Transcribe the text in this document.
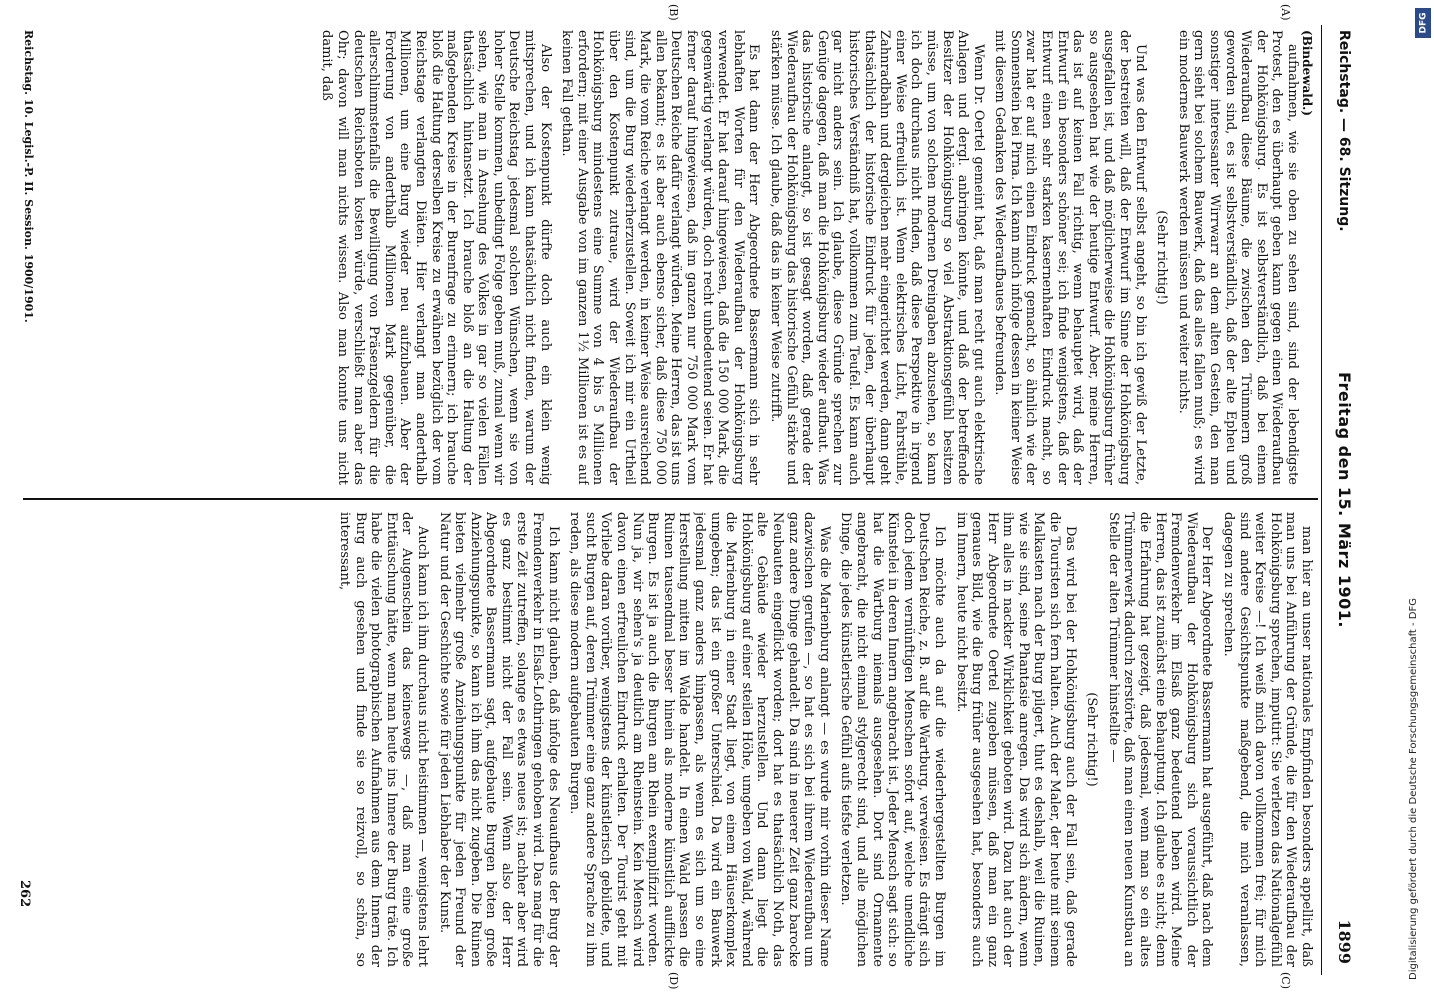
Reichstag. — 68. Sitzung.
Freitag den 15. März 1901.
1899
(Bindewald.)
(A)
(B)
(C)
(D)

aufnahmen, wie sie oben zu sehen sind, sind der lebendigste Protest, den es überhaupt geben kann gegen einen Wiederaufbau der Hohkönigsburg. Es ist selbstverständlich, daß bei einem Wiederaufbau diese Bäume, die zwischen den Trümmern groß geworden sind, es ist selbstverständlich, daß der alte Epheu und sonstiger interessanter Wirrwarr an dem alten Gestein, den man gern sieht bei solchem Bauwerk, daß das alles fallen muß; es wird ein modernes Bauwerk werden müssen und weiter nichts.

(Sehr richtig!)

Und was den Entwurf selbst angeht, so bin ich gewiß der Letzte, der bestreiten will, daß der Entwurf im Sinne der Hohkönigsburg ausgefallen ist, und daß möglicherweise die Hohkönigsburg früher so ausgesehen hat wie der heutige Entwurf. Aber, meine Herren, das ist auf keinen Fall richtig, wenn behauptet wird, daß der Entwurf ein besonders schöner sei; ich finde wenigstens, daß der Entwurf einen sehr starken kasernenhaften Eindruck macht, so zwar hat er auf mich einen Eindruck gemacht, so ähnlich wie der Sonnenstein bei Pirna. Ich kann mich infolge dessen in keiner Weise mit diesem Gedanken des Wiederaufbaues befreunden.

Wenn Dr. Oertel gemeint hat, daß man recht gut auch elektrische Anlagen und dergl. anbringen könnte, und daß der betreffende Besitzer der Hohkönigsburg so viel Abstraktionsgefühl besitzen müsse, um von solchen modernen Dreingaben abzusehen, so kann ich doch durchaus nicht finden, daß diese Perspektive in irgend einer Weise erfreulich ist. Wenn elektrisches Licht, Fahrstühle, Zahnradbahn und dergleichen mehr eingerichtet werden, dann geht thatsächlich der historische Eindruck für jeden, der überhaupt historisches Verständniß hat, vollkommen zum Teufel. Es kann auch gar nicht anders sein. Ich glaube, diese Gründe sprechen zur Genüge dagegen, daß man die Hohkönigsburg wieder aufbaut. Was das historische anlangt, so ist gesagt worden, daß gerade der Wiederaufbau der Hohkönigsburg das historische Gefühl stärke und stärken müsse. Ich glaube, daß das in keiner Weise zutrifft.

Es hat dann der Herr Abgeordnete Bassermann sich in sehr lebhaften Worten für den Wiederaufbau der Hohkönigsburg verwendet. Er hat darauf hingewiesen, daß die 150 000 Mark, die gegenwärtig verlangt würden, doch recht unbedeutend seien. Er hat ferner darauf hingewiesen, daß im ganzen nur 750 000 Mark vom Deutschen Reiche dafür verlangt würden. Meine Herren, das ist uns allen bekannt; es ist aber auch ebenso sicher, daß diese 750 000 Mark, die vom Reiche verlangt werden, in keiner Weise ausreichend sind, um die Burg wiederherzustellen. Soweit ich mir ein Urtheil über den Kostenpunkt zutraue, wird der Wiederaufbau der Hohkönigsburg mindestens eine Summe von 4 bis 5 Millionen erfordern; mit einer Ausgabe von im ganzen 1½ Millionen ist es auf keinen Fall gethan.

Also der Kostenpunkt dürfte doch auch ein klein wenig mitsprechen, und ich kann thatsächlich nicht finden, warum der Deutsche Reichstag jedesmal solchen Wünschen, wenn sie von hoher Stelle kommen, unbedingt Folge geben muß, zumal wenn wir sehen, wie man in Ansehung des Volkes in gar so vielen Fällen thatsächlich hintansetzt. Ich brauche bloß an die Haltung der maßgebenden Kreise in der Burenfrage zu erinnern; ich brauche bloß die Haltung derselben Kreise zu erwähnen bezüglich der vom Reichstage verlangten Diäten. Hier verlangt man anderthalb Millionen, um eine Burg wieder neu aufzubauen. Aber der Forderung von anderthalb Millionen Mark gegenüber, die allerschlimmstenfalls die Bewilligung von Präsenzgeldern für die deutschen Reichsboten kosten würde, verschließt man aber das Ohr; davon will man nichts wissen. Also man konnte uns nicht damit, daß

man hier an unser nationales Empfinden besonders appellirt, daß man uns bei Anführung der Gründe, die für den Wiederaufbau der Hohkönigsburg sprechen, imputirt: Sie verletzen das Nationalgefühl weiter Kreise —! Ich weiß mich davon vollkommen frei; für mich sind andere Gesichtspunkte maßgebend, die mich veranlassen, dagegen zu sprechen.

Der Herr Abgeordnete Bassermann hat ausgeführt, daß nach dem Wiederaufbau der Hohkönigsburg sich voraussichtlich der Fremdenverkehr im Elsaß ganz bedeutend heben wird. Meine Herren, das ist zunächst eine Behauptung. Ich glaube es nicht; denn die Erfahrung hat gezeigt, daß jedesmal, wenn man so ein altes Trümmerwerk dadurch zerstörte, daß man einen neuen Kunstbau an Stelle der alten Trümmer hinstellte —

(Sehr richtig!)

Das wird bei der Hohkönigsburg auch der Fall sein, daß gerade die Touristen sich fern halten. Auch der Maler, der heute mit seinem Malkasten nach der Burg pilgert, thut es deshalb, weil die Ruinen, wie sie sind, seine Phantasie anregen. Das wird sich ändern, wenn ihm alles in nackter Wirklichkeit geboten wird. Dazu hat auch der Herr Abgeordnete Oertel zugeben müssen, daß man ein ganz genaues Bild, wie die Burg früher ausgesehen hat, besonders auch im Innern, heute nicht besitzt.

Ich möchte auch da auf die wiederhergestellten Burgen im Deutschen Reiche, z. B. auf die Wartburg, verweisen. Es drängt sich doch jedem vernünftigen Menschen sofort auf, welche unendliche Künstelei in deren Innern angebracht ist. Jeder Mensch sagt sich: so hat die Wartburg niemals ausgesehen. Dort sind Ornamente angebracht, die nicht einmal stylgerecht sind, und alle möglichen Dinge, die jedes künstlerische Gefühl aufs tiefste verletzen.

Was die Marienburg anlangt — es wurde mir vorhin dieser Name dazwischen gerufen —, so hat es sich bei ihrem Wiederaufbau um ganz andere Dinge gehandelt. Da sind in neuerer Zeit ganz barocke Neubauten eingeflickt worden; dort hat es thatsächlich Noth, das alte Gebäude wieder herzustellen. Und dann liegt die Hohkönigsburg auf einer steilen Höhe, umgeben von Wald, während die Marienburg in einer Stadt liegt, von einem Häuserkomplex umgeben; das ist ein großer Unterschied. Da wird ein Bauwerk jedesmal ganz anders hinpassen, als wenn es sich um so eine Herstellung mitten im Walde handelt. In einen Wald passen die Ruinen tausendmal besser hinein als moderne künstlich aufflickte Burgen. Es ist ja auch die Burgen am Rhein exemplifizirt worden. Nun ja, wir sehen's ja deutlich am Rheinstein. Kein Mensch wird davon einen erfreulichen Eindruck erhalten. Der Tourist geht mit Vorliebe daran vorüber, wenigstens der künstlerisch gebildete, und sucht Burgen auf, deren Trümmer eine ganz andere Sprache zu ihm reden, als diese modern aufgebauten Burgen.

Ich kann nicht glauben, daß infolge des Neuaufbaus der Burg der Fremdenverkehr in Elsaß-Lothringen gehoben wird. Das mag für die erste Zeit zutreffen, solange es etwas neues ist; nachher aber wird es ganz bestimmt nicht der Fall sein. Wenn also der Herr Abgeordnete Bassermann sagt, aufgebaute Burgen böten große Anziehungspunkte, so kann ich ihm das nicht zugeben. Die Ruinen bieten vielmehr große Anziehungspunkte für jeden Freund der Natur und der Geschichte sowie für jeden Liebhaber der Kunst.

Auch kann ich ihm durchaus nicht beistimmen — wenigstens lehrt der Augenschein das keineswegs —, daß man eine große Enttäuschung hätte, wenn man heute ins Innere der Burg träte. Ich habe die vielen photographischen Aufnahmen aus dem Innern der Burg auch gesehen und finde sie so reizvoll, so schön, so interessant,

Reichstag. 10. Legisl.-P. II. Session. 1900/1901.
262	Digitalisierung gefördert durch die Deutsche Forschungsgemeinschaft - DFG
DFG
